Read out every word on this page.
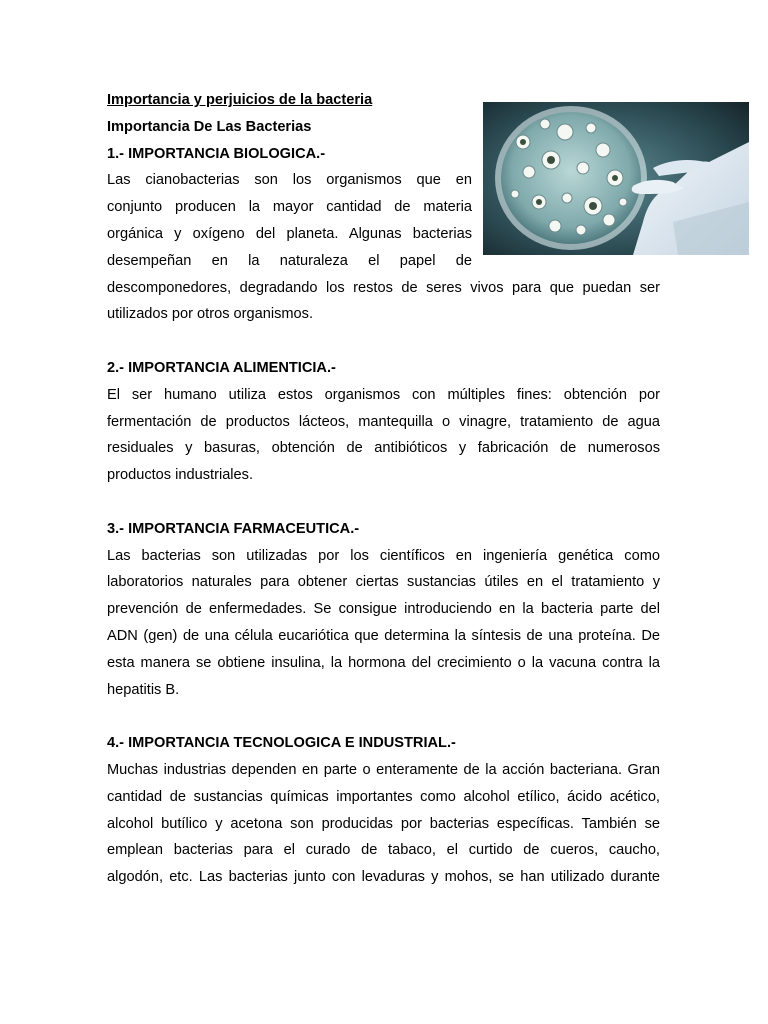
Importancia y perjuicios de la bacteria
Importancia De Las Bacterias
1.- IMPORTANCIA BIOLOGICA.-
Las cianobacterias son los organismos que en
conjunto producen la mayor cantidad de materia
orgánica y oxígeno del planeta. Algunas bacterias
desempeñan en la naturaleza el papel de
descomponedores, degradando los restos de seres vivos para que puedan ser
utilizados por otros organismos.
2.- IMPORTANCIA ALIMENTICIA.-
El ser humano utiliza estos organismos con múltiples fines: obtención por
fermentación de productos lácteos, mantequilla o vinagre, tratamiento de agua
residuales y basuras, obtención de antibióticos y fabricación de numerosos
productos industriales.
3.- IMPORTANCIA FARMACEUTICA.-
Las bacterias son utilizadas por los científicos en ingeniería genética como
laboratorios naturales para obtener ciertas sustancias útiles en el tratamiento y
prevención de enfermedades. Se consigue introduciendo en la bacteria parte del
ADN (gen) de una célula eucariótica que determina la síntesis de una proteína. De
esta manera se obtiene insulina, la hormona del crecimiento o la vacuna contra la
hepatitis B.
4.- IMPORTANCIA TECNOLOGICA E INDUSTRIAL.-
Muchas industrias dependen en parte o enteramente de la acción bacteriana. Gran
cantidad de sustancias químicas importantes como alcohol etílico, ácido acético,
alcohol butílico y acetona son producidas por bacterias específicas. También se
emplean bacterias para el curado de tabaco, el curtido de cueros, caucho,
algodón, etc. Las bacterias junto con levaduras y mohos, se han utilizado durante
